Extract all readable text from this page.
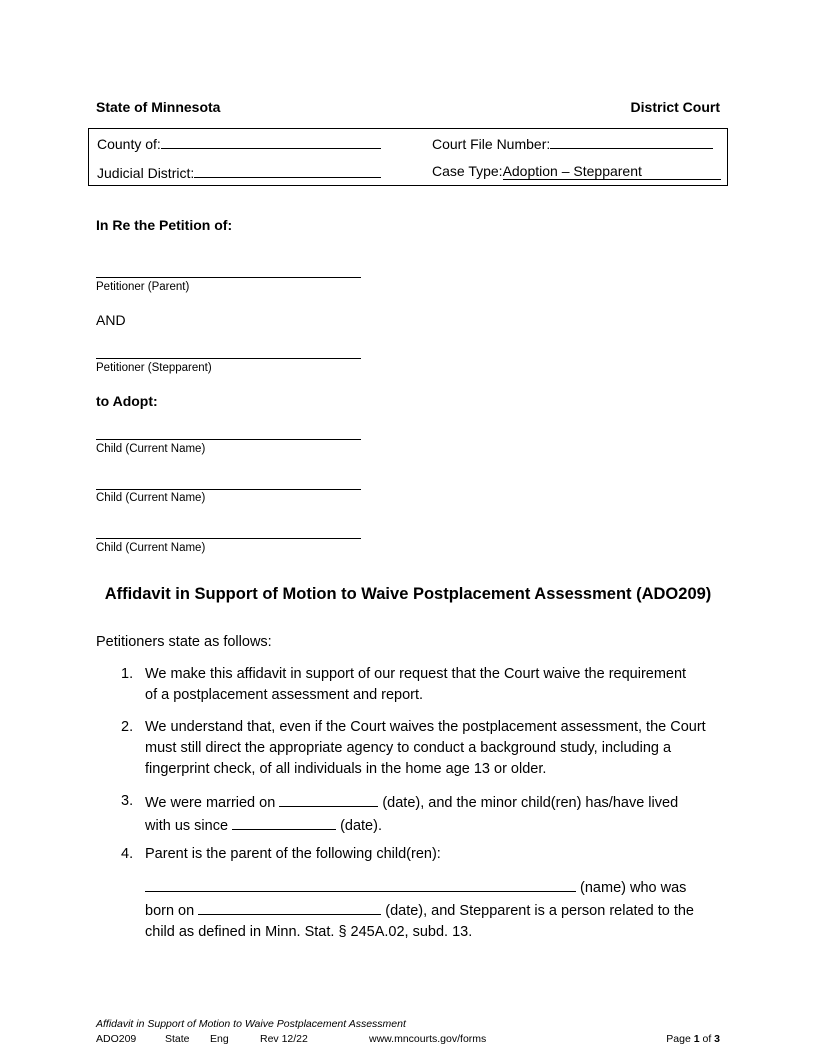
State of Minnesota	District Court
County of:	Court File Number:
Judicial District:	Case Type:Adoption – Stepparent
In Re the Petition of:
Petitioner (Parent)
AND
Petitioner (Stepparent)
to Adopt:
Child (Current Name)
Child (Current Name)
Child (Current Name)
Affidavit in Support of Motion to Waive Postplacement Assessment (ADO209)
Petitioners state as follows:
1. We make this affidavit in support of our request that the Court waive the requirement
of a postplacement assessment and report.
2. We understand that, even if the Court waives the postplacement assessment, the Court
must still direct the appropriate agency to conduct a background study, including a
fingerprint check, of all individuals in the home age 13 or older.
3. We were married on	(date), and the minor child(ren) has/have lived
with us since	(date).
4. Parent is the parent of the following child(ren):
(name) who was
born on	(date), and Stepparent is a person related to the
child as defined in Minn. Stat. § 245A.02, subd. 13.
Affidavit in Support of Motion to Waive Postplacement Assessment
ADO209	State Eng	Rev 12/22	www.mncourts.gov/forms	Page 1 of 3
